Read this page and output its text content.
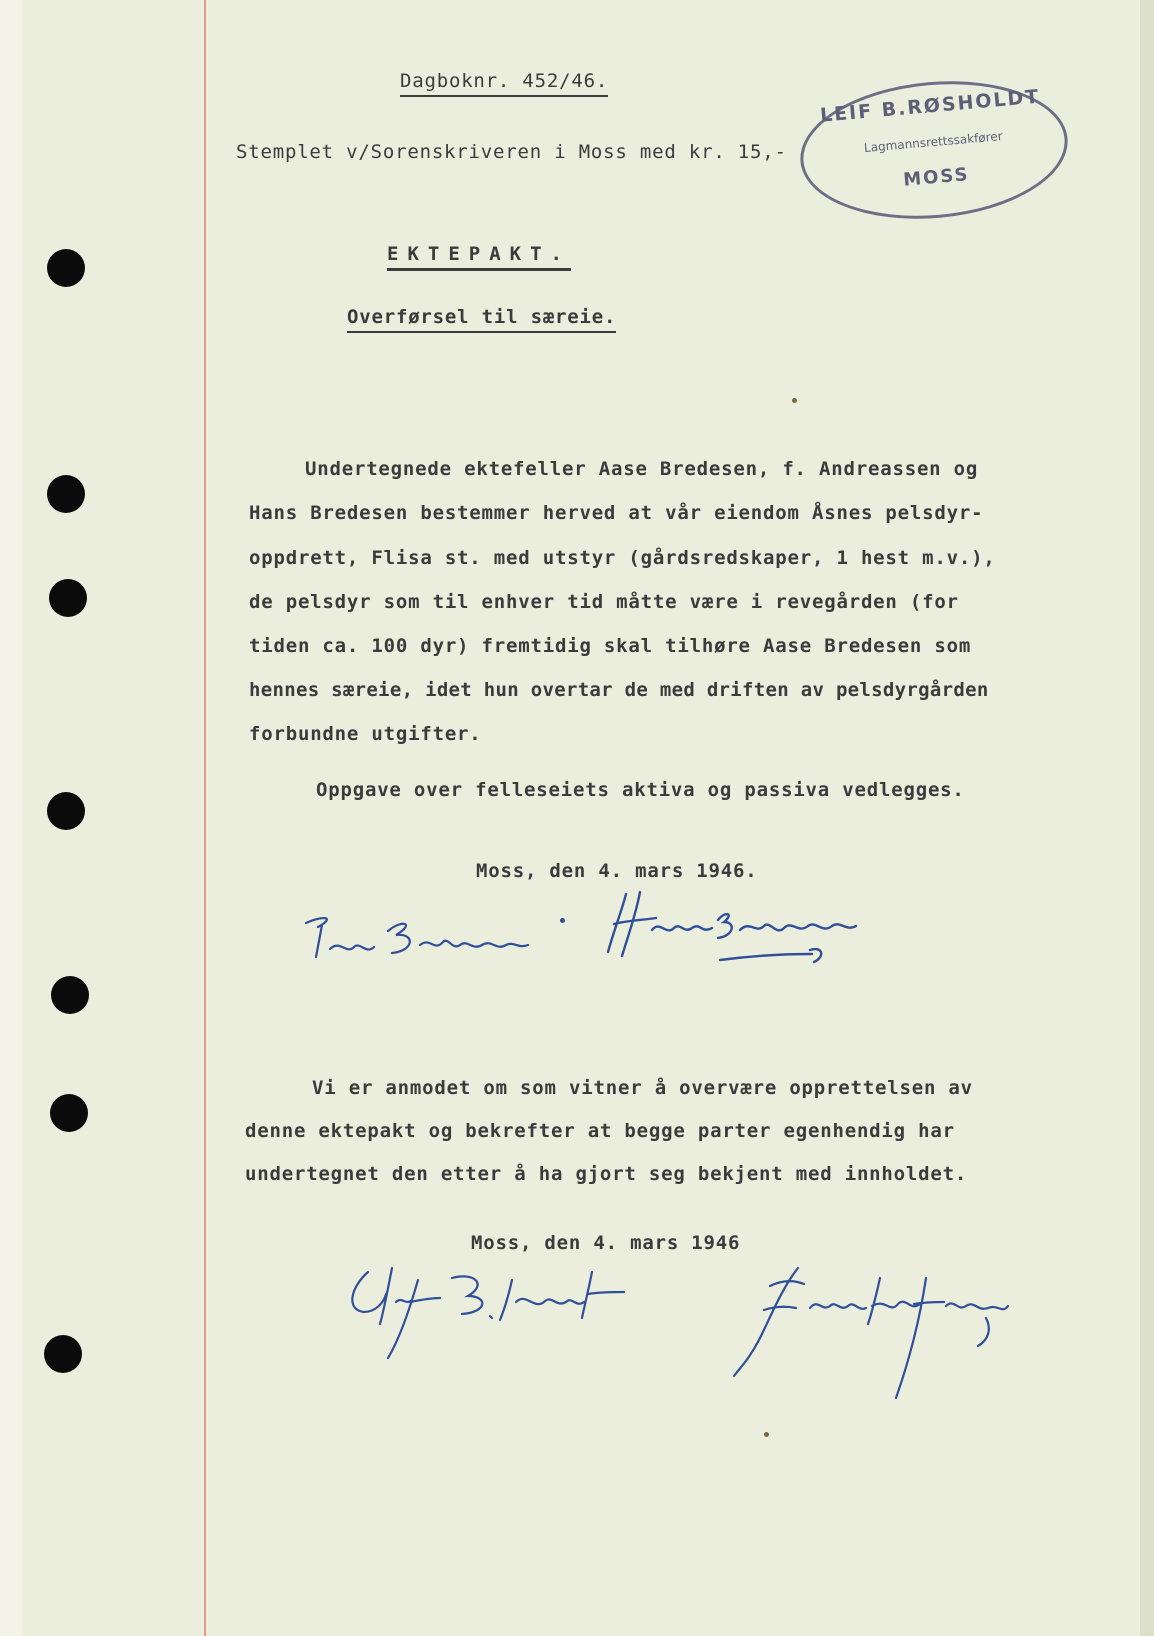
Dagboknr. 452/46.
Stemplet v/Sorenskriveren i Moss med kr. 15,-
LEIF B.RØSHOLDT
Lagmannsrettssakfører
MOSS
EKTEPAKT.
Overførsel til særeie.
Undertegnede ektefeller Aase Bredesen, f. Andreassen og
Hans Bredesen bestemmer herved at vår eiendom Åsnes pelsdyr-
oppdrett, Flisa st. med utstyr (gårdsredskaper, 1 hest m.v.),
de pelsdyr som til enhver tid måtte være i revegården (for
tiden ca. 100 dyr) fremtidig skal tilhøre Aase Bredesen som
hennes særeie, idet hun overtar de med driften av pelsdyrgården
forbundne utgifter.
Oppgave over felleseiets aktiva og passiva vedlegges.
Moss, den 4. mars 1946.
Vi er anmodet om som vitner å overvære opprettelsen av
denne ektepakt og bekrefter at begge parter egenhendig har
undertegnet den etter å ha gjort seg bekjent med innholdet.
Moss, den 4. mars 1946
